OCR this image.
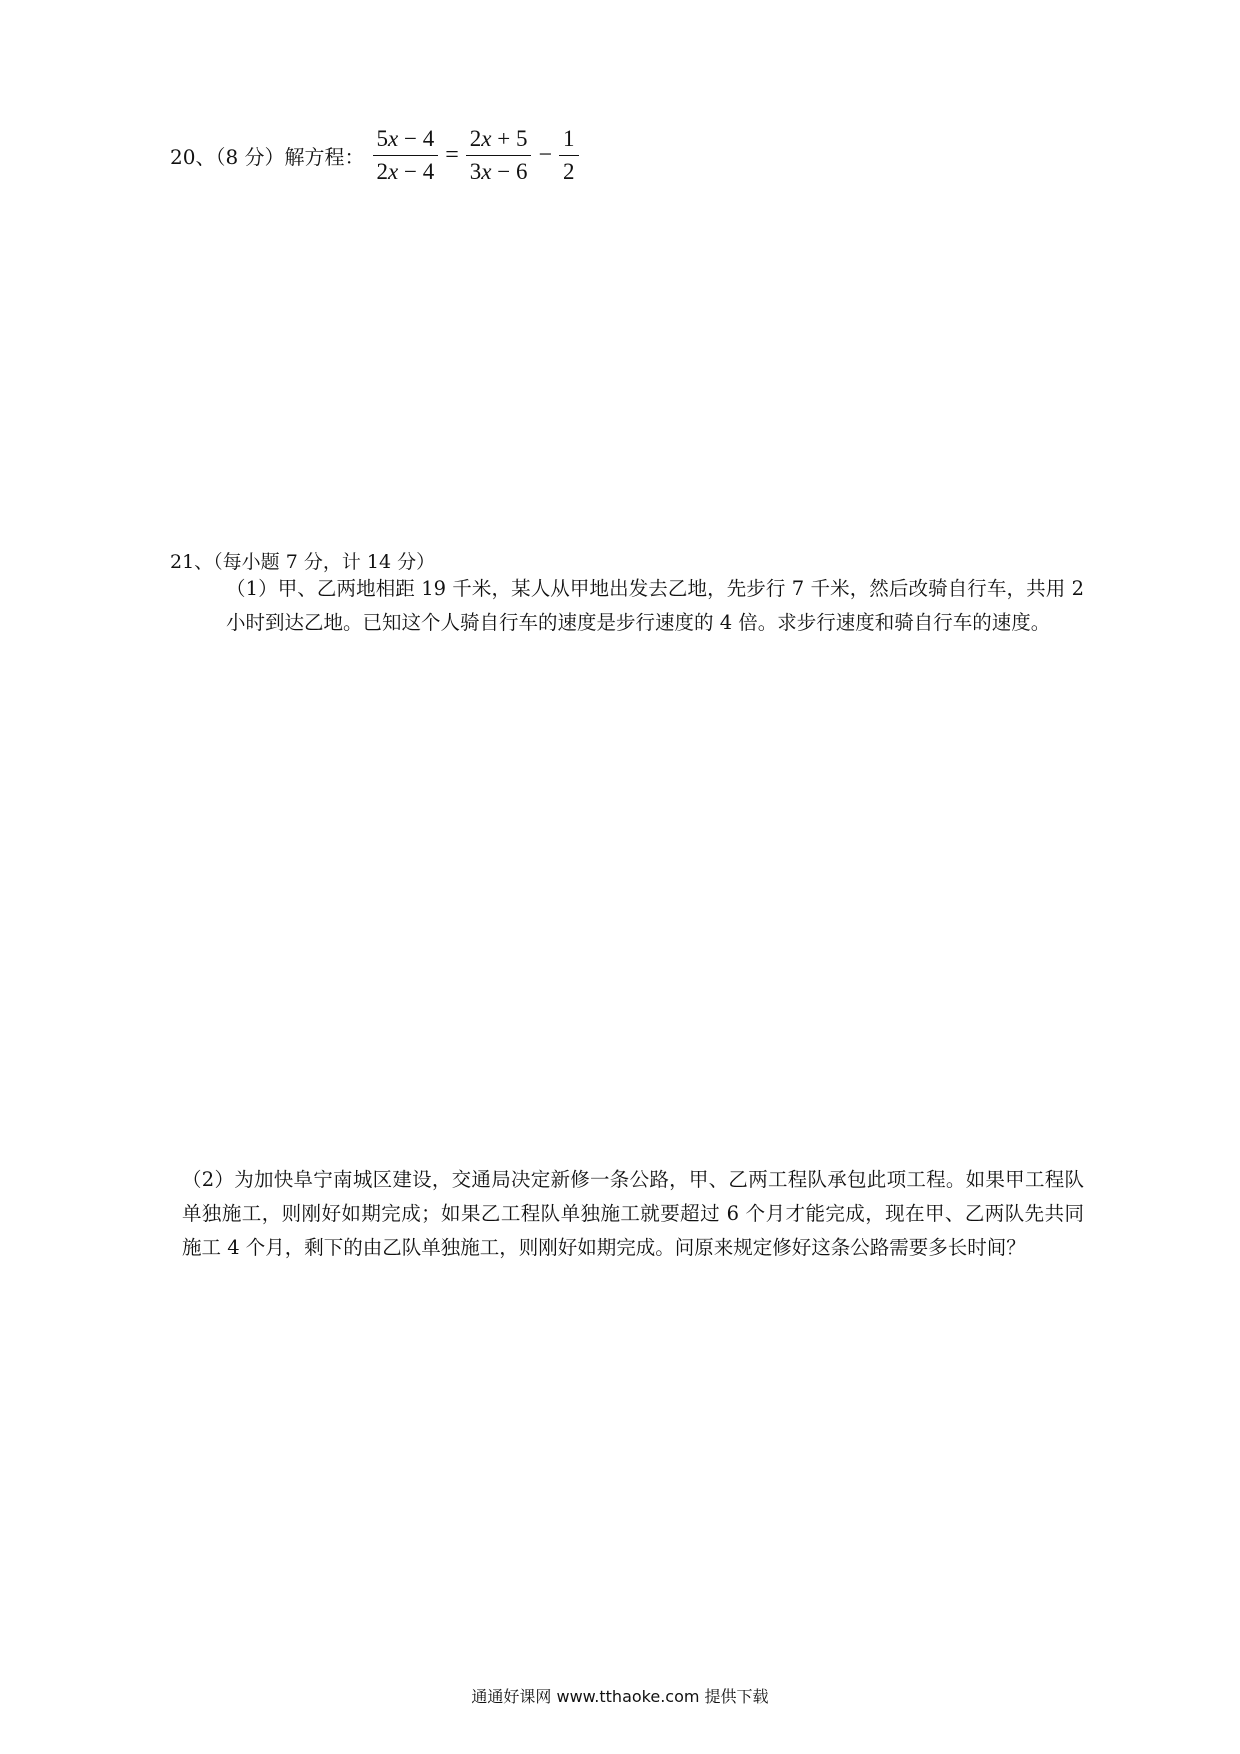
20、（8 分）解方程： $\frac{5x - 4}{2x - 4} = \frac{2x + 5}{3x - 6} - \frac{1}{2}$
21、（每小题 7 分，计 14 分）
（1）甲、乙两地相距 19 千米，某人从甲地出发去乙地，先步行 7 千米，然后改骑自行车，共用 2 小时到达乙地。已知这个人骑自行车的速度是步行速度的 4 倍。求步行速度和骑自行车的速度。
（2）为加快阜宁南城区建设，交通局决定新修一条公路，甲、乙两工程队承包此项工程。如果甲工程队单独施工，则刚好如期完成；如果乙工程队单独施工就要超过 6 个月才能完成，现在甲、乙两队先共同施工 4 个月，剩下的由乙队单独施工，则刚好如期完成。问原来规定修好这条公路需要多长时间？
通通好课网 www.tthaoke.com 提供下载
